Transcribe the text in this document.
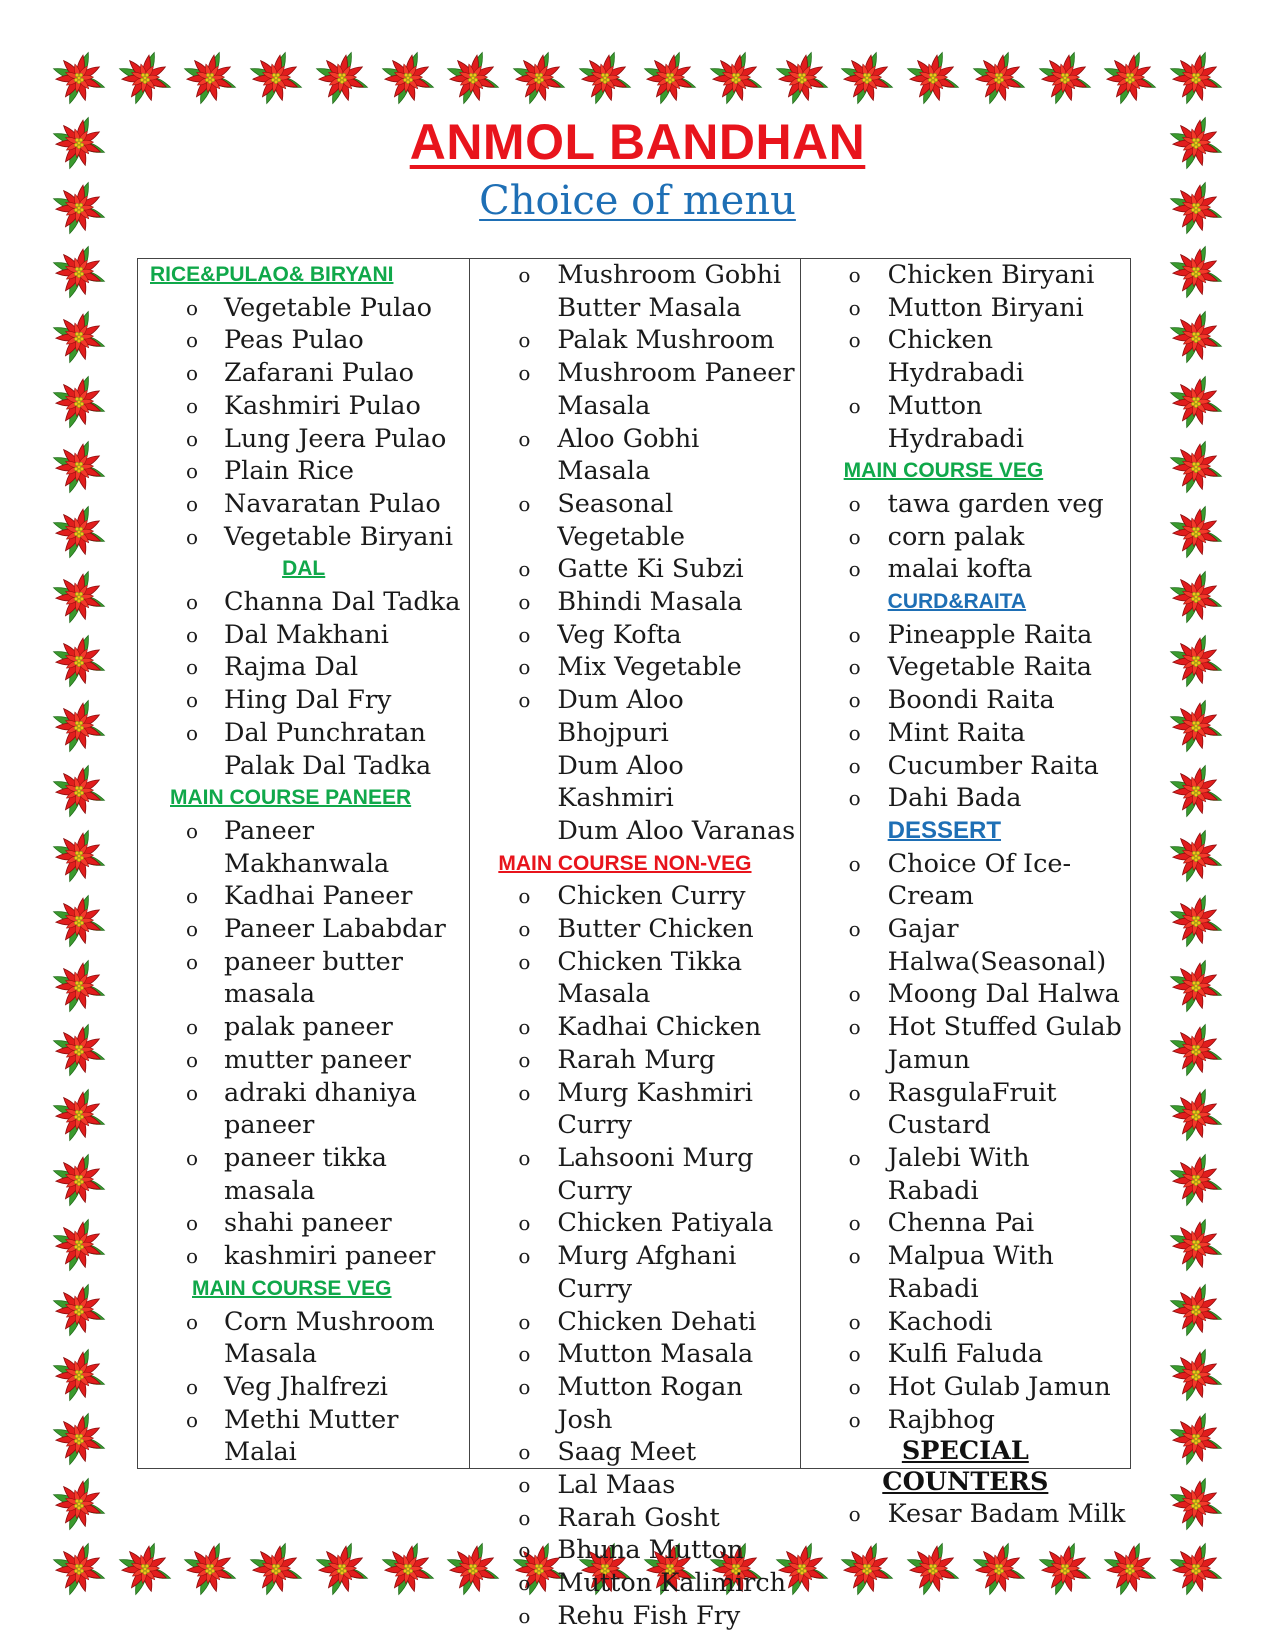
ANMOL BANDHAN
Choice of menu
RICE&PULAO& BIRYANI
o Vegetable Pulao
o Peas Pulao
o Zafarani Pulao
o Kashmiri Pulao
o Lung Jeera Pulao
o Plain Rice
o Navaratan Pulao
o Vegetable Biryani
DAL
o Channa Dal Tadka
o Dal Makhani
o Rajma Dal
o Hing Dal Fry
o Dal Punchratan
Palak Dal Tadka
MAIN COURSE PANEER
o Paneer
Makhanwala
o Kadhai Paneer
o Paneer Lababdar
o paneer butter
masala
o palak paneer
o mutter paneer
o adraki dhaniya
paneer
o paneer tikka
masala
o shahi paneer
o kashmiri paneer
MAIN COURSE VEG
o Corn Mushroom
Masala
o Veg Jhalfrezi
o Methi Mutter Malai
o Mushroom Gobhi
Butter Masala
o Palak Mushroom
o Mushroom Paneer
Masala
o Aloo Gobhi Masala
o Seasonal Vegetable
o Gatte Ki Subzi
o Bhindi Masala
o Veg Kofta
o Mix Vegetable
o Dum Aloo Bhojpuri
Dum Aloo Kashmiri
Dum Aloo Varanas
MAIN COURSE NON-VEG
o Chicken Curry
o Butter Chicken
o Chicken Tikka
Masala
o Kadhai Chicken
o Rarah Murg
o Murg Kashmiri
Curry
o Lahsooni Murg
Curry
o Chicken Patiyala
o Murg Afghani
Curry
o Chicken Dehati
o Mutton Masala
o Mutton Rogan Josh
o Saag Meet
o Lal Maas
o Rarah Gosht
o Bhuna Mutton
o Mutton Kalimirch
o Rehu Fish Fry
o Chicken Biryani
o Mutton Biryani
o Chicken Hydrabadi
o Mutton Hydrabadi
MAIN COURSE VEG
o tawa garden veg
o corn palak
o malai kofta
CURD&RAITA
o Pineapple Raita
o Vegetable Raita
o Boondi Raita
o Mint Raita
o Cucumber Raita
o Dahi Bada
DESSERT
o Choice Of Ice-
Cream
o Gajar
Halwa(Seasonal)
o Moong Dal Halwa
o Hot Stuffed Gulab
Jamun
o RasgulaFruit
Custard
o Jalebi With Rabadi
o Chenna Pai
o Malpua With
Rabadi
o Kachodi
o Kulfi Faluda
o Hot Gulab Jamun
o Rajbhog
SPECIAL
COUNTERS
o Kesar Badam Milk
